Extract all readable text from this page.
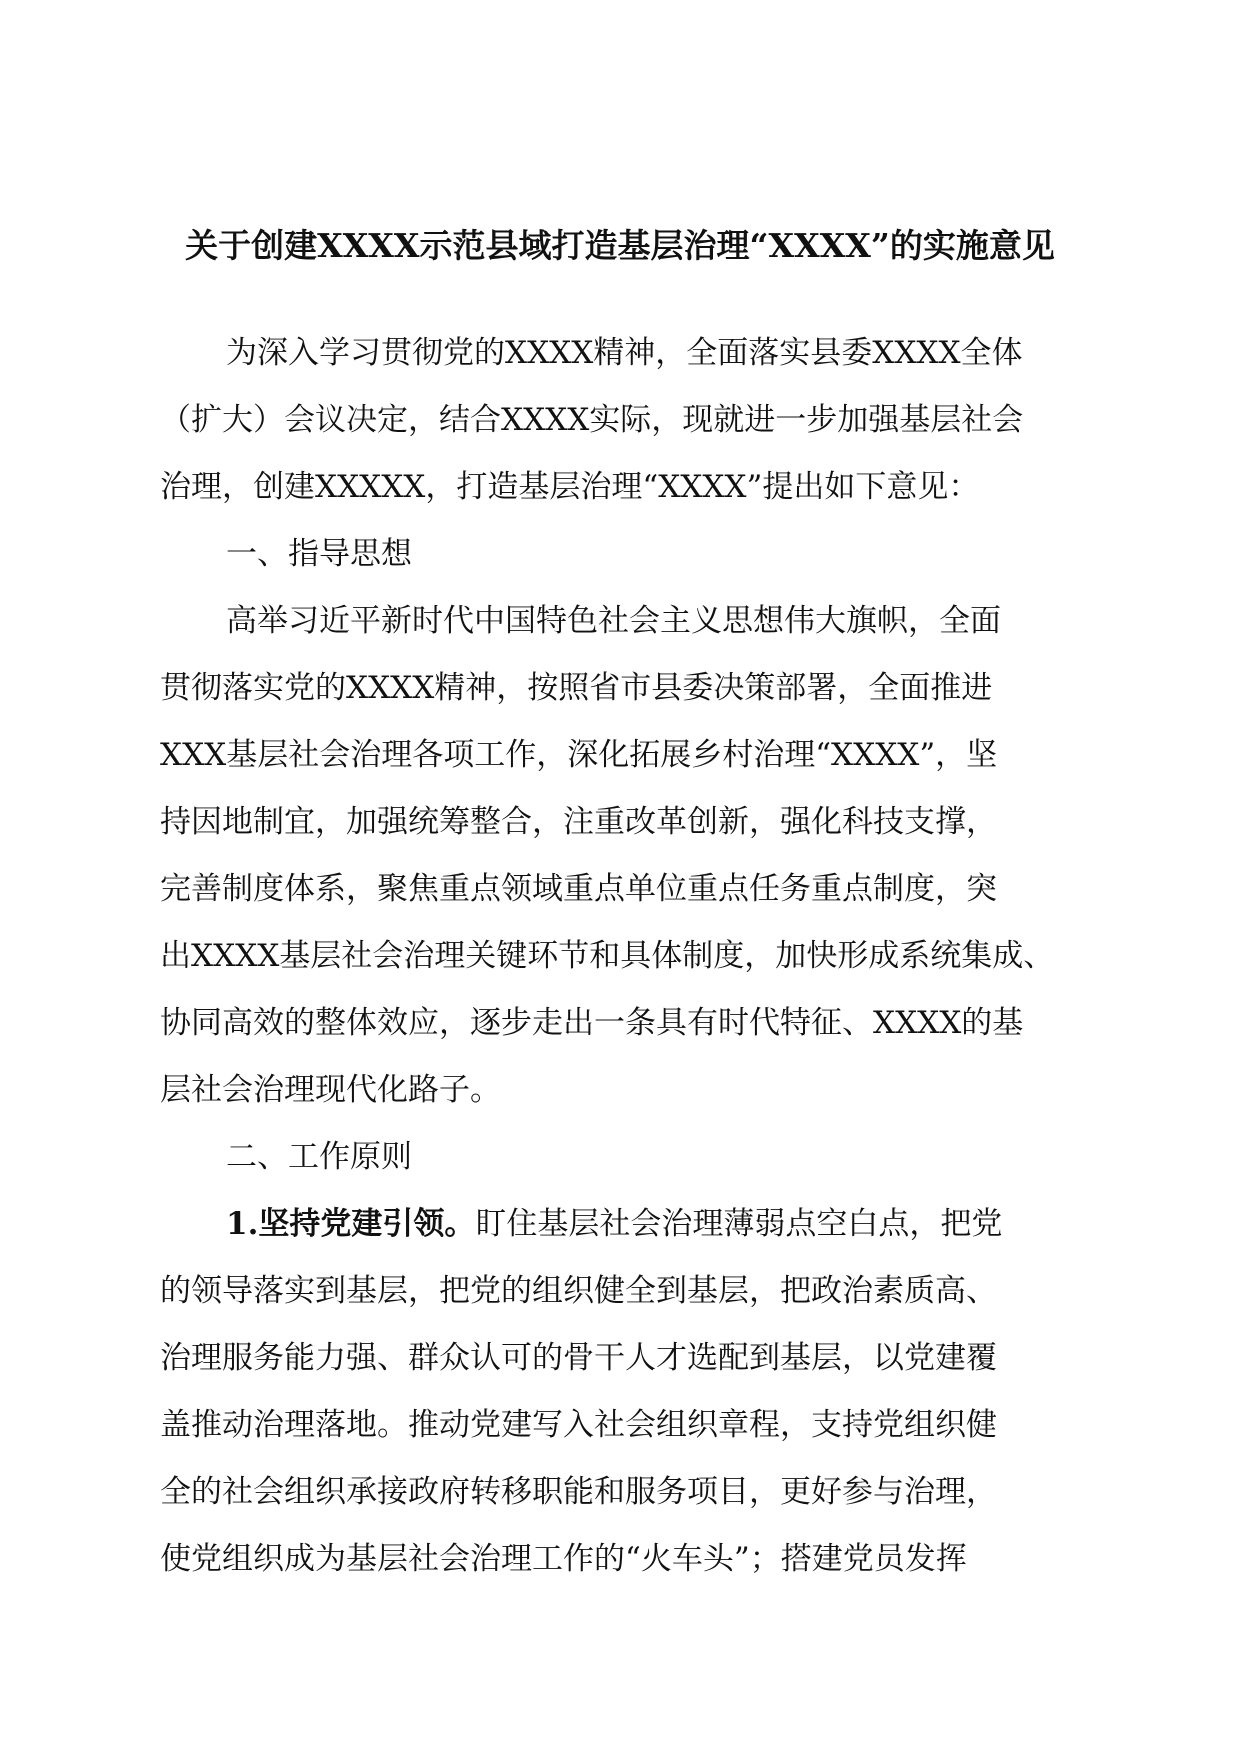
关于创建XXXX示范县域打造基层治理“XXXX”的实施意见
为深入学习贯彻党的XXXX精神，全面落实县委XXXX全体
（扩大）会议决定，结合XXXX实际，现就进一步加强基层社会
治理，创建XXXXX，打造基层治理“XXXX”提出如下意见：
一、指导思想
高举习近平新时代中国特色社会主义思想伟大旗帜，全面
贯彻落实党的XXXX精神，按照省市县委决策部署，全面推进
XXX基层社会治理各项工作，深化拓展乡村治理“XXXX”，坚
持因地制宜，加强统筹整合，注重改革创新，强化科技支撑，
完善制度体系，聚焦重点领域重点单位重点任务重点制度，突
出XXXX基层社会治理关键环节和具体制度，加快形成系统集成、
协同高效的整体效应，逐步走出一条具有时代特征、XXXX的基
层社会治理现代化路子。
二、工作原则
1.坚持党建引领。盯住基层社会治理薄弱点空白点，把党
的领导落实到基层，把党的组织健全到基层，把政治素质高、
治理服务能力强、群众认可的骨干人才选配到基层，以党建覆
盖推动治理落地。推动党建写入社会组织章程，支持党组织健
全的社会组织承接政府转移职能和服务项目，更好参与治理，
使党组织成为基层社会治理工作的“火车头”；搭建党员发挥
